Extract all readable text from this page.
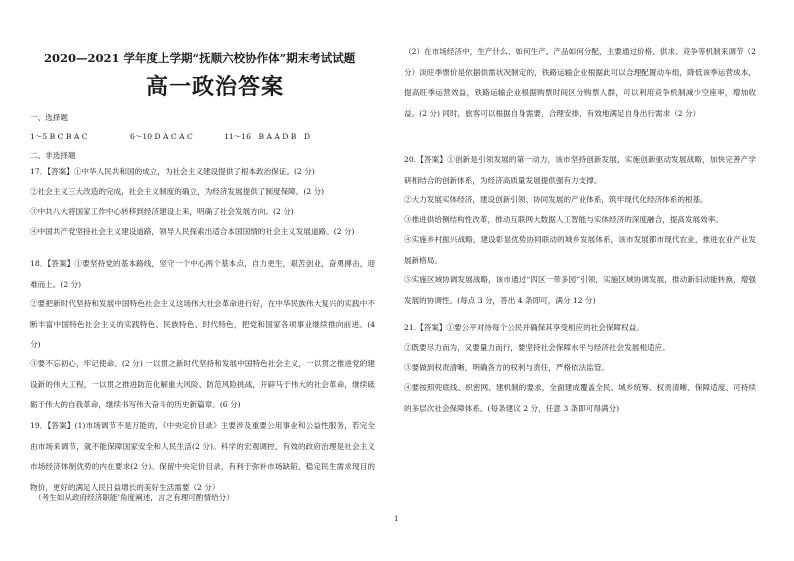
2020—2021 学年度上学期“抚顺六校协作体”期末考试试题
高一政治答案
一、选择题
1～5 B C B A C	6～10 D A C A C	11～16　B A A D B　D
二、非选择题

17．【答案】①中华人民共和国的成立，为社会主义建设提供了根本政治保证。(2 分)

②社会主义三大改造的完成，社会主义制度的确立，为经济发展提供了制度保障。(2 分)

③中共八大将国家工作中心转移到经济建设上来，明确了社会发展方向。(2 分)

④中国共产党坚持社会主义建设道路，领导人民探索出适合本国国情的社会主义发展道路。(2 分)

18．【答案】①要坚持党的基本路线，坚守一个中心两个基本点，自力更生，艰苦创业，奋勇搏击，迎难而上。(2 分)

②要把新时代坚持和发展中国特色社会主义这场伟大社会革命进行好，在中华民族伟大复兴的实践中不断丰富中国特色社会主义的实践特色、民族特色、时代特色，把党和国家各项事业继续推向前进。(4 分)

③要不忘初心，牢记使命。(2 分) 一以贯之新时代坚持和发展中国特色社会主义，一以贯之推进党的建设新的伟大工程，一以贯之推进防范化解重大风险、防范风险挑战，开辟马于伟大的社会革命，继续砥砺于伟大的自我革命，继续书写伟大奋斗的历史新篇章。(6 分)

19．【答案】(1)市场调节不是万能的，《中央定价目录》主要涉及重要公用事业和公益性服务，若完全由市场来调节，就不能保障国家安全和人民生活(2 分)。科学的宏观调控，有效的政府治理是社会主义市场经济体制优势的内在要求(2 分)。保留中央定价目录，有利于弥补市场缺陷，稳定民生需求现目的物价，更好的满足人民日益增长的美好生活需要（2 分）

（考生如从政府经济职能’角度阐述，言之有理可酌情给分）

（2）在市场经济中，生产什么、如何生产、产品如何分配，主要通过价格、供求、竞争等机制来调节（2 分）淡旺季票价是依据供需状况制定的，铁路运输企业根据此可以合理配置动车组，降低该季运营成本，提高旺季运营效益，铁路运输企业根据购票时间区分购票人群，可以利用竞争机制减少空座率，增加收益。(2 分) 同时，旅客可以根据自身需要，合理安排，有效地满足自身出行需求（2 分）

20.【答案】①创新是引领发展的第一动力，该市坚持创新发展，实施创新驱动发展战略，加快完善产学研相结合的创新体系，为经济高质量发展提供强有力支撑。

②大力发展实体经济，建设创新引领、协同发展的产业体系，筑牢现代化经济体系的根基。

③推进供给侧结构性改革，推动互联网大数据人工智能与实体经济的深度融合，提高发展效率。

④实施乡村振兴战略，建设彰显优势协同联动的城乡发展体系，该市发展都市现代农业，推进农业产业发展新格局。

⑤实施区域协调发展战略，该市通过“四区一带多园”引领，实施区域协调发展，推动新旧动能转换，增强发展的协调性。(每点 3 分，答出 4 条即可，满分 12 分)

21.【答案】①要公平对待每个公民并确保其享受相应的社会保障权益。

②既要尽力而为，又要量力而行，要坚持社会保障水平与经济社会发展相适应。

③要做到权责清晰，明确各方的权利与责任，严格依法监管。

④要按照兜底线、织密网、建机制的要求，全面建成覆盖全民、城乡统筹、权责清晰、保障适度、可持续的多层次社会保障体系。(每条建议 2 分，任意 3 条即可得满分)

1
